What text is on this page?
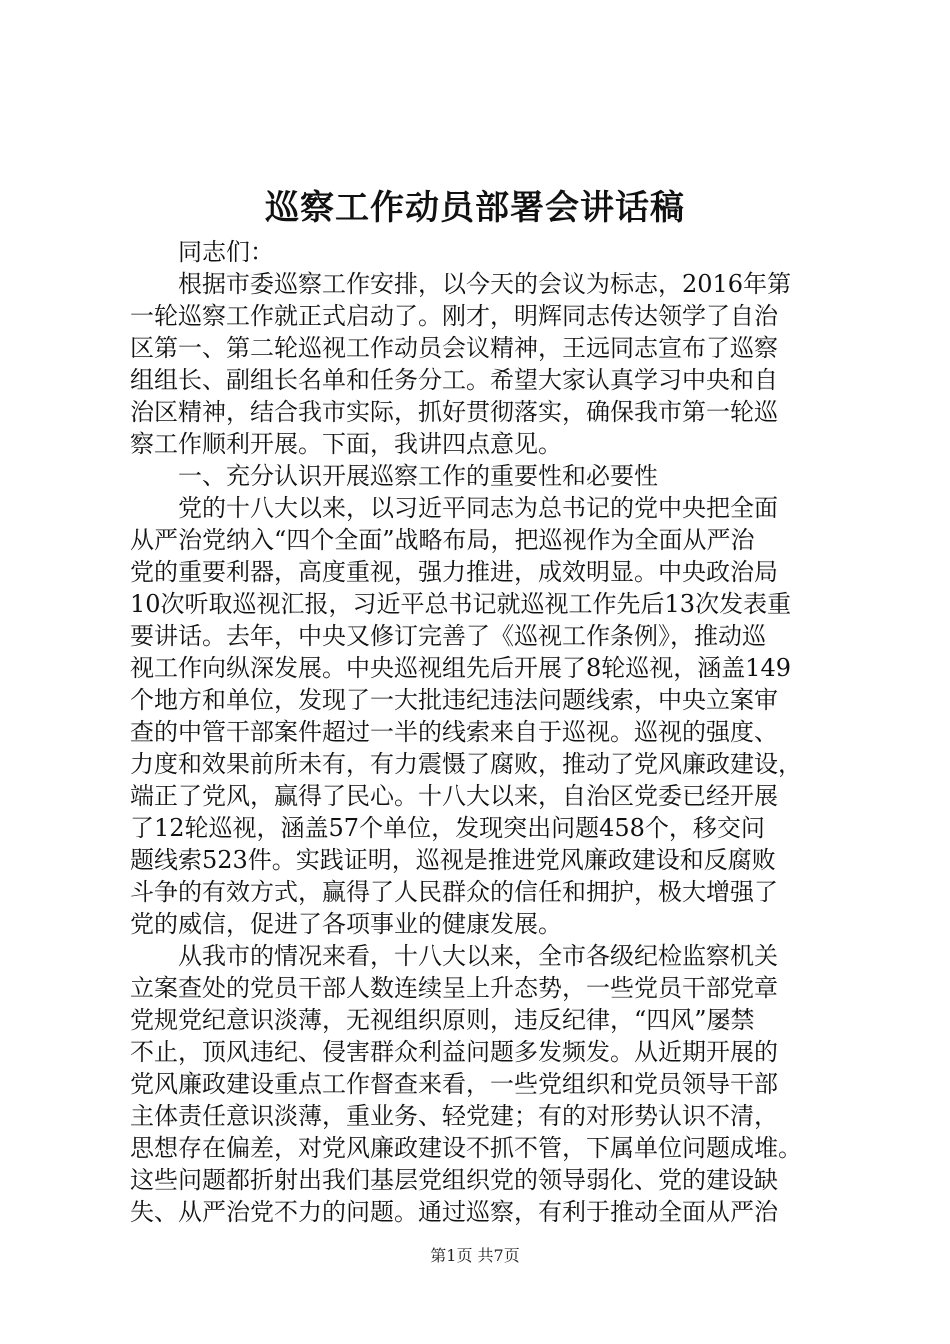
巡察工作动员部署会讲话稿
　　同志们：
　　根据市委巡察工作安排，以今天的会议为标志，2016年第
一轮巡察工作就正式启动了。刚才，明辉同志传达领学了自治
区第一、第二轮巡视工作动员会议精神，王远同志宣布了巡察
组组长、副组长名单和任务分工。希望大家认真学习中央和自
治区精神，结合我市实际，抓好贯彻落实，确保我市第一轮巡
察工作顺利开展。下面，我讲四点意见。
　　一、充分认识开展巡察工作的重要性和必要性
　　党的十八大以来，以习近平同志为总书记的党中央把全面
从严治党纳入“四个全面”战略布局，把巡视作为全面从严治
党的重要利器，高度重视，强力推进，成效明显。中央政治局
10次听取巡视汇报，习近平总书记就巡视工作先后13次发表重
要讲话。去年，中央又修订完善了《巡视工作条例》，推动巡
视工作向纵深发展。中央巡视组先后开展了8轮巡视，涵盖149
个地方和单位，发现了一大批违纪违法问题线索，中央立案审
查的中管干部案件超过一半的线索来自于巡视。巡视的强度、
力度和效果前所未有，有力震慑了腐败，推动了党风廉政建设，
端正了党风，赢得了民心。十八大以来，自治区党委已经开展
了12轮巡视，涵盖57个单位，发现突出问题458个，移交问
题线索523件。实践证明，巡视是推进党风廉政建设和反腐败
斗争的有效方式，赢得了人民群众的信任和拥护，极大增强了
党的威信，促进了各项事业的健康发展。
　　从我市的情况来看，十八大以来，全市各级纪检监察机关
立案查处的党员干部人数连续呈上升态势，一些党员干部党章
党规党纪意识淡薄，无视组织原则，违反纪律，“四风”屡禁
不止，顶风违纪、侵害群众利益问题多发频发。从近期开展的
党风廉政建设重点工作督查来看，一些党组织和党员领导干部
主体责任意识淡薄，重业务、轻党建；有的对形势认识不清，
思想存在偏差，对党风廉政建设不抓不管，下属单位问题成堆。
这些问题都折射出我们基层党组织党的领导弱化、党的建设缺
失、从严治党不力的问题。通过巡察，有利于推动全面从严治
第1页 共7页
